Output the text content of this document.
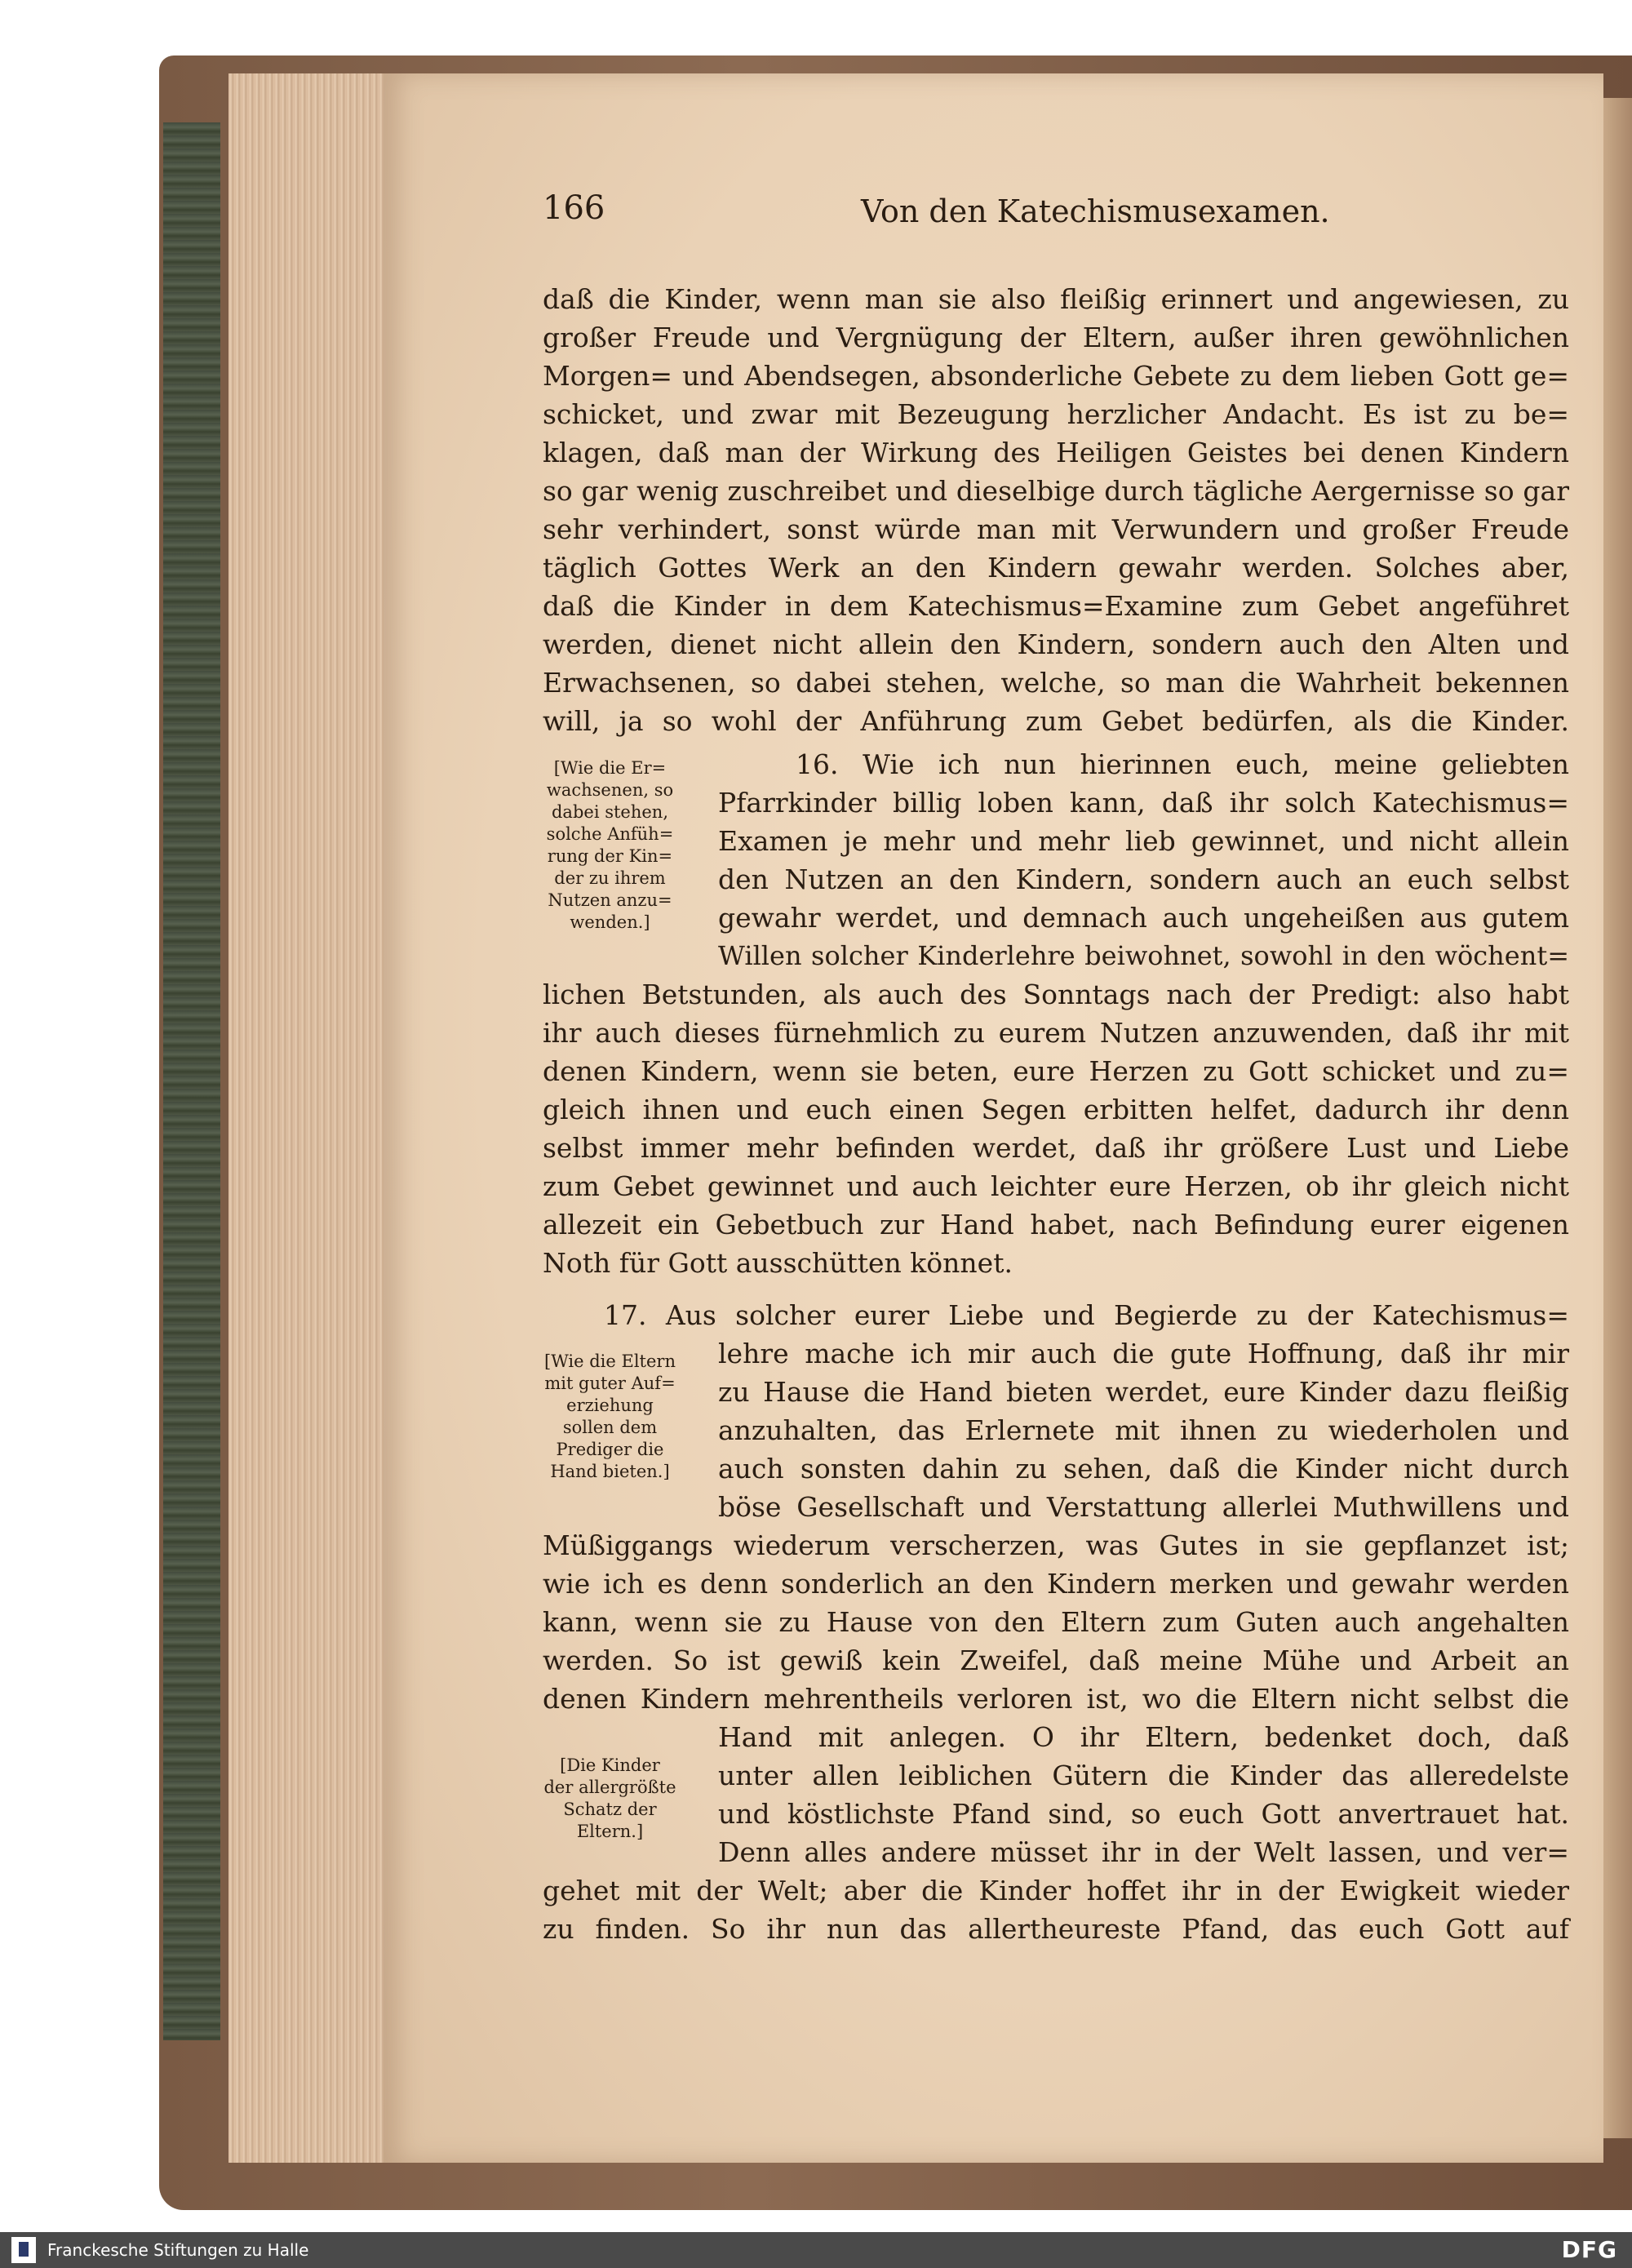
166	Von den Katechismusexamen.
daß die Kinder, wenn man sie also fleißig erinnert und angewiesen, zu
großer Freude und Vergnügung der Eltern, außer ihren gewöhnlichen
Morgen= und Abendsegen, absonderliche Gebete zu dem lieben Gott ge=
schicket, und zwar mit Bezeugung herzlicher Andacht. Es ist zu be=
klagen, daß man der Wirkung des Heiligen Geistes bei denen Kindern
so gar wenig zuschreibet und dieselbige durch tägliche Aergernisse so gar
sehr verhindert, sonst würde man mit Verwundern und großer Freude
täglich Gottes Werk an den Kindern gewahr werden. Solches aber,
daß die Kinder in dem Katechismus=Examine zum Gebet angeführet
werden, dienet nicht allein den Kindern, sondern auch den Alten und
Erwachsenen, so dabei stehen, welche, so man die Wahrheit bekennen
will, ja so wohl der Anführung zum Gebet bedürfen, als die Kinder.
16. Wie ich nun hierinnen euch, meine geliebten
Pfarrkinder billig loben kann, daß ihr solch Katechismus=
Examen je mehr und mehr lieb gewinnet, und nicht allein
den Nutzen an den Kindern, sondern auch an euch selbst
gewahr werdet, und demnach auch ungeheißen aus gutem
Willen solcher Kinderlehre beiwohnet, sowohl in den wöchent=
lichen Betstunden, als auch des Sonntags nach der Predigt: also habt
ihr auch dieses fürnehmlich zu eurem Nutzen anzuwenden, daß ihr mit
denen Kindern, wenn sie beten, eure Herzen zu Gott schicket und zu=
gleich ihnen und euch einen Segen erbitten helfet, dadurch ihr denn
selbst immer mehr befinden werdet, daß ihr größere Lust und Liebe
zum Gebet gewinnet und auch leichter eure Herzen, ob ihr gleich nicht
allezeit ein Gebetbuch zur Hand habet, nach Befindung eurer eigenen
Noth für Gott ausschütten könnet.
17. Aus solcher eurer Liebe und Begierde zu der Katechismus=
lehre mache ich mir auch die gute Hoffnung, daß ihr mir
zu Hause die Hand bieten werdet, eure Kinder dazu fleißig
anzuhalten, das Erlernete mit ihnen zu wiederholen und
auch sonsten dahin zu sehen, daß die Kinder nicht durch
böse Gesellschaft und Verstattung allerlei Muthwillens und
Müßiggangs wiederum verscherzen, was Gutes in sie gepflanzet ist;
wie ich es denn sonderlich an den Kindern merken und gewahr werden
kann, wenn sie zu Hause von den Eltern zum Guten auch angehalten
werden. So ist gewiß kein Zweifel, daß meine Mühe und Arbeit an
denen Kindern mehrentheils verloren ist, wo die Eltern nicht selbst die
Hand mit anlegen. O ihr Eltern, bedenket doch, daß
unter allen leiblichen Gütern die Kinder das alleredelste
und köstlichste Pfand sind, so euch Gott anvertrauet hat.
Denn alles andere müsset ihr in der Welt lassen, und ver=
gehet mit der Welt; aber die Kinder hoffet ihr in der Ewigkeit wieder
zu finden. So ihr nun das allertheureste Pfand, das euch Gott auf
[Wie die Er=
wachsenen, so
dabei stehen,
solche Anfüh=
rung der Kin=
der zu ihrem
Nutzen anzu=
wenden.]
[Wie die Eltern
mit guter Auf=
erziehung
sollen dem
Prediger die
Hand bieten.]
[Die Kinder
der allergrößte
Schatz der
Eltern.]
Franckesche Stiftungen zu Halle	DFG
